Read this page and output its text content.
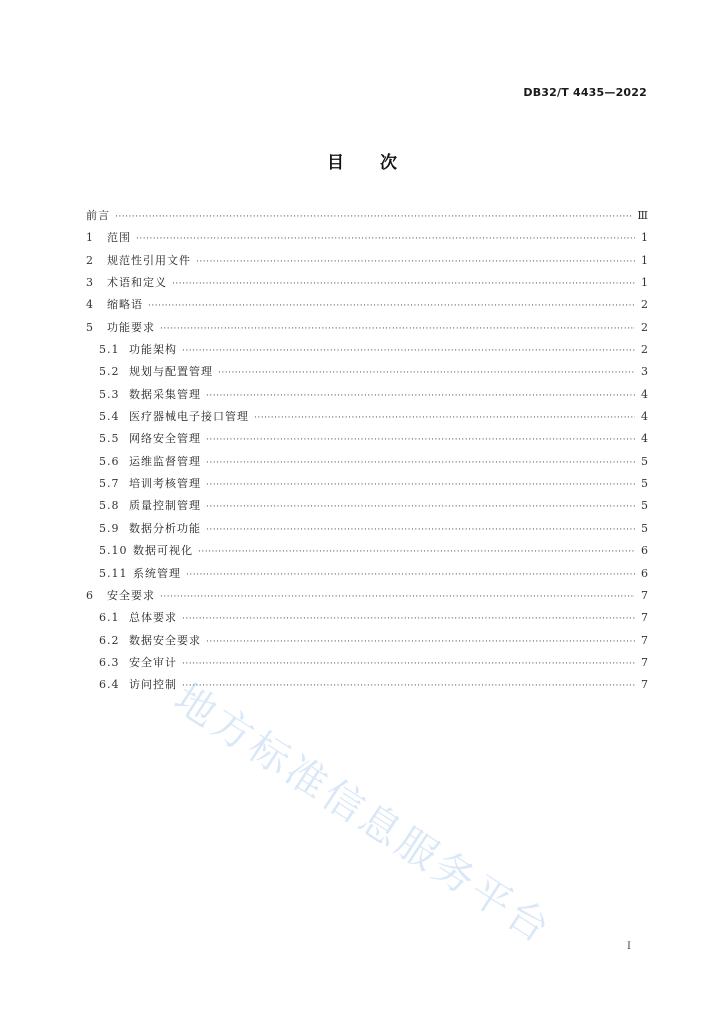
DB32/T 4435—2022
目次
前言 ·····	Ⅲ
1	范围 ·····	1
2	规范性引用文件 ·····	1
3	术语和定义 ·····	1
4	缩略语 ·····	2
5	功能要求 ·····	2
5.1 功能架构 ·····	2
5.2 规划与配置管理 ·····	3
5.3 数据采集管理 ·····	4
5.4 医疗器械电子接口管理 ·····	4
5.5 网络安全管理 ·····	4
5.6 运维监督管理 ·····	5
5.7 培训考核管理 ·····	5
5.8 质量控制管理 ·····	5
5.9 数据分析功能 ·····	5
5.10 数据可视化 ·····	6
5.11 系统管理 ·····	6
6	安全要求 ·····	7
6.1 总体要求 ·····	7
6.2 数据安全要求 ·····	7
6.3 安全审计 ·····	7
6.4 访问控制 ·····	7
地方标准信息服务平台	I
